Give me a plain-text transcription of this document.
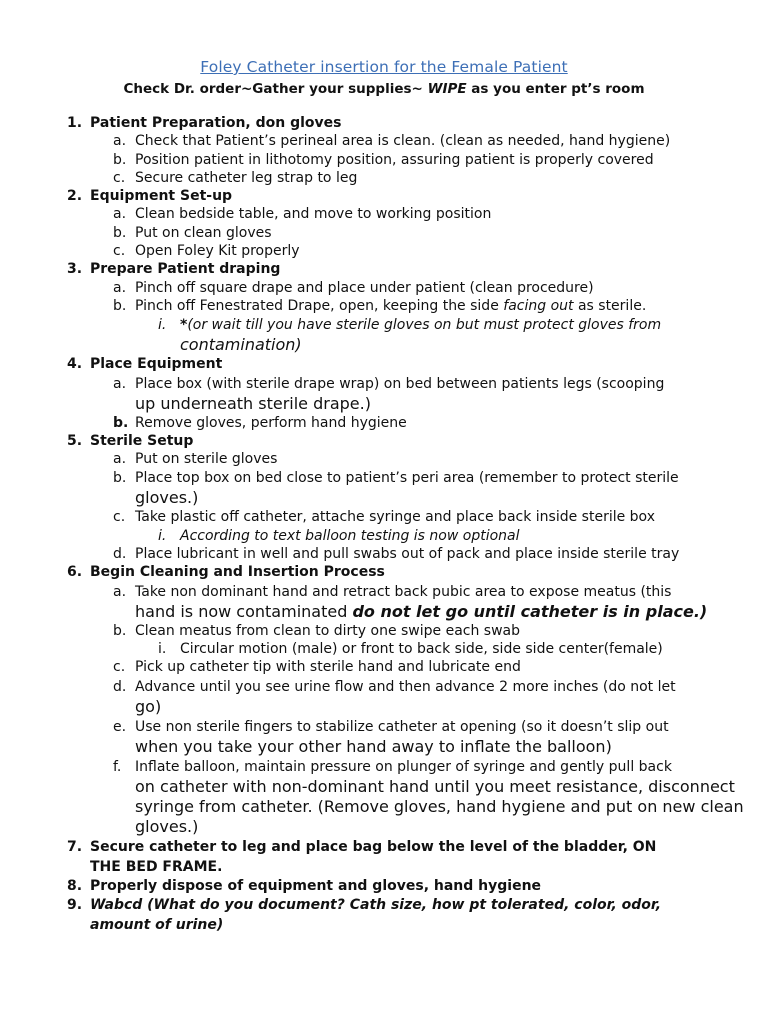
Foley Catheter insertion for the Female Patient
Check Dr. order~Gather your supplies~ WIPE as you enter pt’s room
1. Patient Preparation, don gloves
a. Check that Patient’s perineal area is clean. (clean as needed, hand hygiene)
b. Position patient in lithotomy position, assuring patient is properly covered
c. Secure catheter leg strap to leg
2. Equipment Set-up
a. Clean bedside table, and move to working position
b. Put on clean gloves
c. Open Foley Kit properly
3. Prepare Patient draping
a. Pinch off square drape and place under patient (clean procedure)
b. Pinch off Fenestrated Drape, open, keeping the side facing out as sterile.
i. *(or wait till you have sterile gloves on but must protect gloves from
contamination)
4. Place Equipment
a. Place box (with sterile drape wrap) on bed between patients legs (scooping
up underneath sterile drape.)
b. Remove gloves, perform hand hygiene
5. Sterile Setup
a. Put on sterile gloves
b. Place top box on bed close to patient’s peri area (remember to protect sterile
gloves.)
c. Take plastic off catheter, attache syringe and place back inside sterile box
i. According to text balloon testing is now optional
d. Place lubricant in well and pull swabs out of pack and place inside sterile tray
6. Begin Cleaning and Insertion Process
a. Take non dominant hand and retract back pubic area to expose meatus (this
hand is now contaminated do not let go until catheter is in place.)
b. Clean meatus from clean to dirty one swipe each swab
i. Circular motion (male) or front to back side, side side center(female)
c. Pick up catheter tip with sterile hand and lubricate end
d. Advance until you see urine flow and then advance 2 more inches (do not let
go)
e. Use non sterile fingers to stabilize catheter at opening (so it doesn’t slip out
when you take your other hand away to inflate the balloon)
f. Inflate balloon, maintain pressure on plunger of syringe and gently pull back
on catheter with non-dominant hand until you meet resistance, disconnect
syringe from catheter. (Remove gloves, hand hygiene and put on new clean
gloves.)
7. Secure catheter to leg and place bag below the level of the bladder, ON
THE BED FRAME.
8. Properly dispose of equipment and gloves, hand hygiene
9. Wabcd (What do you document? Cath size, how pt tolerated, color, odor,
amount of urine)
